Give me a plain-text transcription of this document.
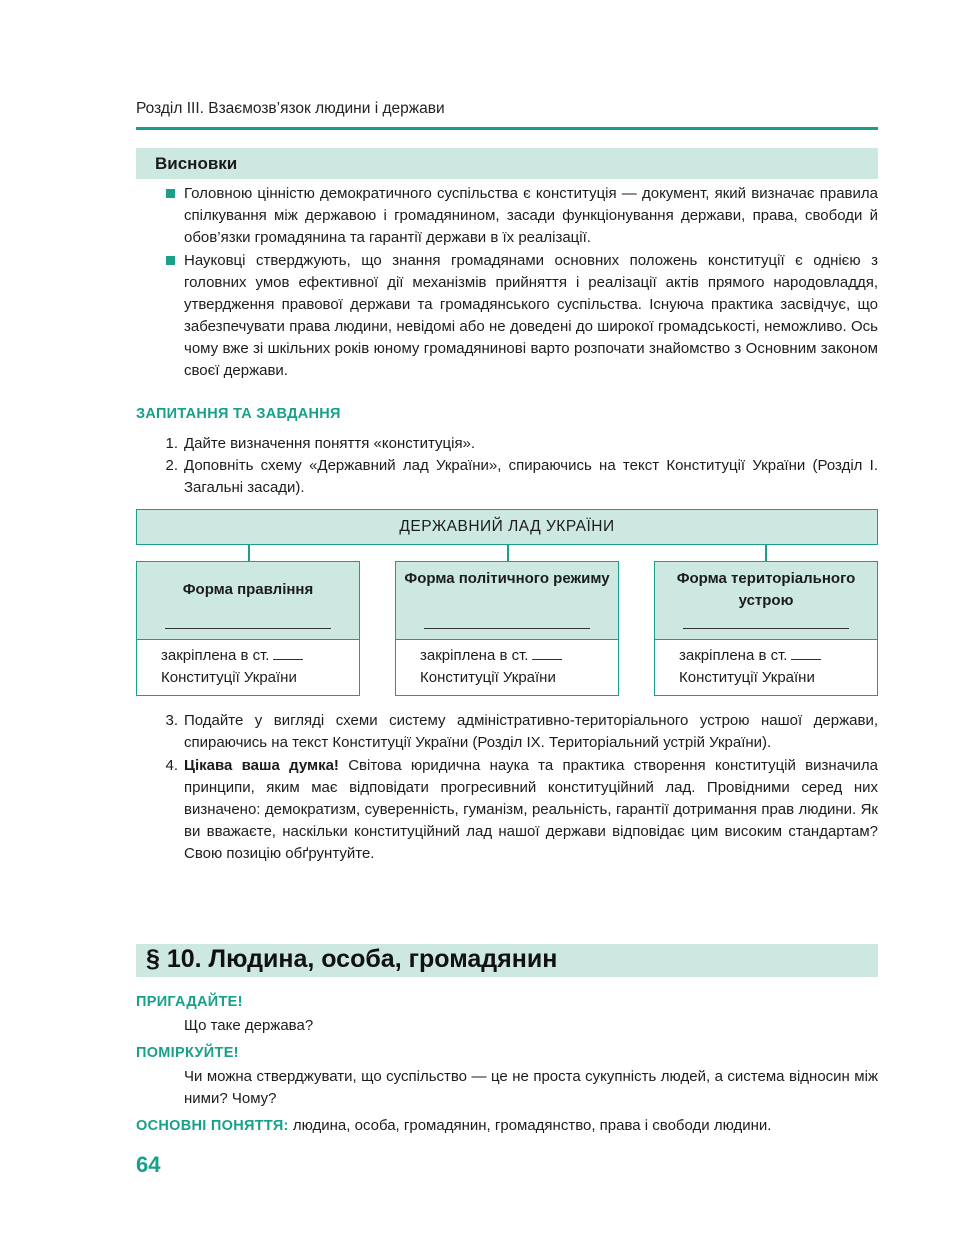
Розділ ІІІ. Взаємозв’язок людини і держави
Висновки
Головною цінністю демократичного суспільства є конституція — документ, який визначає правила спілкування між державою і громадянином, засади функціонування держави, права, свободи й обов’язки громадянина та гарантії держави в їх реалізації.
Науковці стверджують, що знання громадянами основних положень конституції є однією з головних умов ефективної дії механізмів прийняття і реалізації актів прямого народовладдя, утвердження правової держави та громадянського суспільства. Існуюча практика засвідчує, що забезпечувати права людини, невідомі або не доведені до широкої громадськості, неможливо. Ось чому вже зі шкільних років юному громадянинові варто розпочати знайомство з Основним законом своєї держави.
ЗАПИТАННЯ ТА ЗАВДАННЯ
1. Дайте визначення поняття «конституція».
2. Доповніть схему «Державний лад України», спираючись на текст Конституції України (Розділ І. Загальні засади).
ДЕРЖАВНИЙ ЛАД УКРАЇНИ
Форма правління
закріплена в ст.
Конституції України
Форма політичного режиму
закріплена в ст.
Конституції України
Форма територіального устрою
закріплена в ст.
Конституції України
3. Подайте у вигляді схеми систему адміністративно-територіального устрою нашої держави, спираючись на текст Конституції України (Розділ ІХ. Територіальний устрій України).
4. Цікава ваша думка! Світова юридична наука та практика створення конституцій визначила принципи, яким має відповідати прогресивний конституційний лад. Провідними серед них визначено: демократизм, суверенність, гуманізм, реальність, гарантії дотримання прав людини. Як ви вважаєте, наскільки конституційний лад нашої держави відповідає цим високим стандартам? Свою позицію обґрунтуйте.
§ 10. Людина, особа, громадянин
ПРИГАДАЙТЕ!
Що таке держава?
ПОМІРКУЙТЕ!
Чи можна стверджувати, що суспільство — це не проста сукупність людей, а система відносин між ними? Чому?
ОСНОВНІ ПОНЯТТЯ: людина, особа, громадянин, громадянство, права і свободи людини.
64
